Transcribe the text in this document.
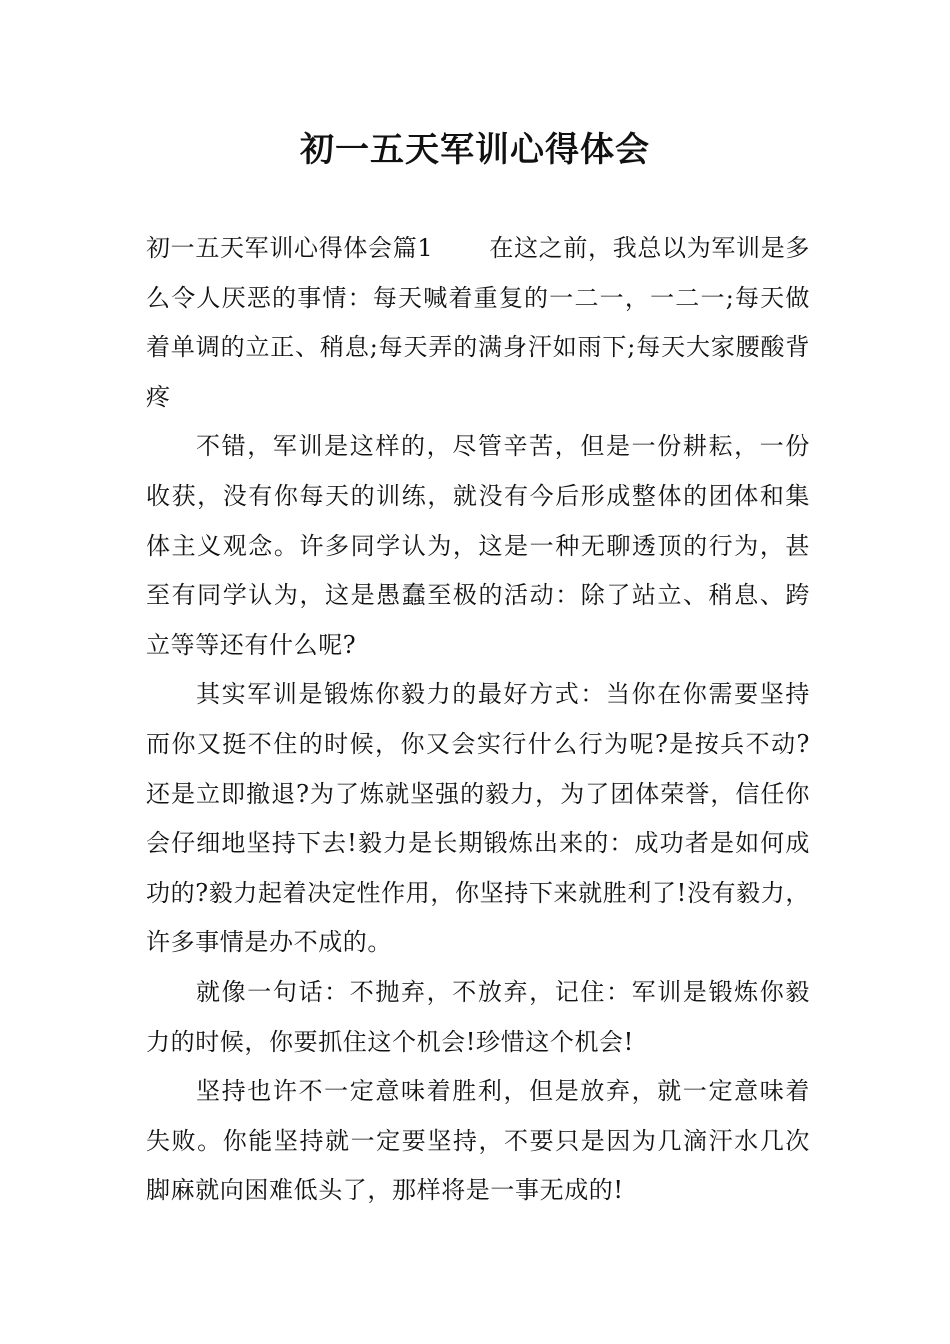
初一五天军训心得体会

初一五天军训心得体会篇1 在这之前，我总以为军训是多么令人厌恶的事情：每天喊着重复的一二一，一二一;每天做着单调的立正、稍息;每天弄的满身汗如雨下;每天大家腰酸背疼

不错，军训是这样的，尽管辛苦，但是一份耕耘，一份收获，没有你每天的训练，就没有今后形成整体的团体和集体主义观念。许多同学认为，这是一种无聊透顶的行为，甚至有同学认为，这是愚蠢至极的活动：除了站立、稍息、跨立等等还有什么呢?

其实军训是锻炼你毅力的最好方式：当你在你需要坚持而你又挺不住的时候，你又会实行什么行为呢?是按兵不动?还是立即撤退?为了炼就坚强的毅力，为了团体荣誉，信任你会仔细地坚持下去!毅力是长期锻炼出来的：成功者是如何成功的?毅力起着决定性作用，你坚持下来就胜利了!没有毅力，许多事情是办不成的。

就像一句话：不抛弃，不放弃，记住：军训是锻炼你毅力的时候，你要抓住这个机会!珍惜这个机会!

坚持也许不一定意味着胜利，但是放弃，就一定意味着失败。你能坚持就一定要坚持，不要只是因为几滴汗水几次脚麻就向困难低头了，那样将是一事无成的!
